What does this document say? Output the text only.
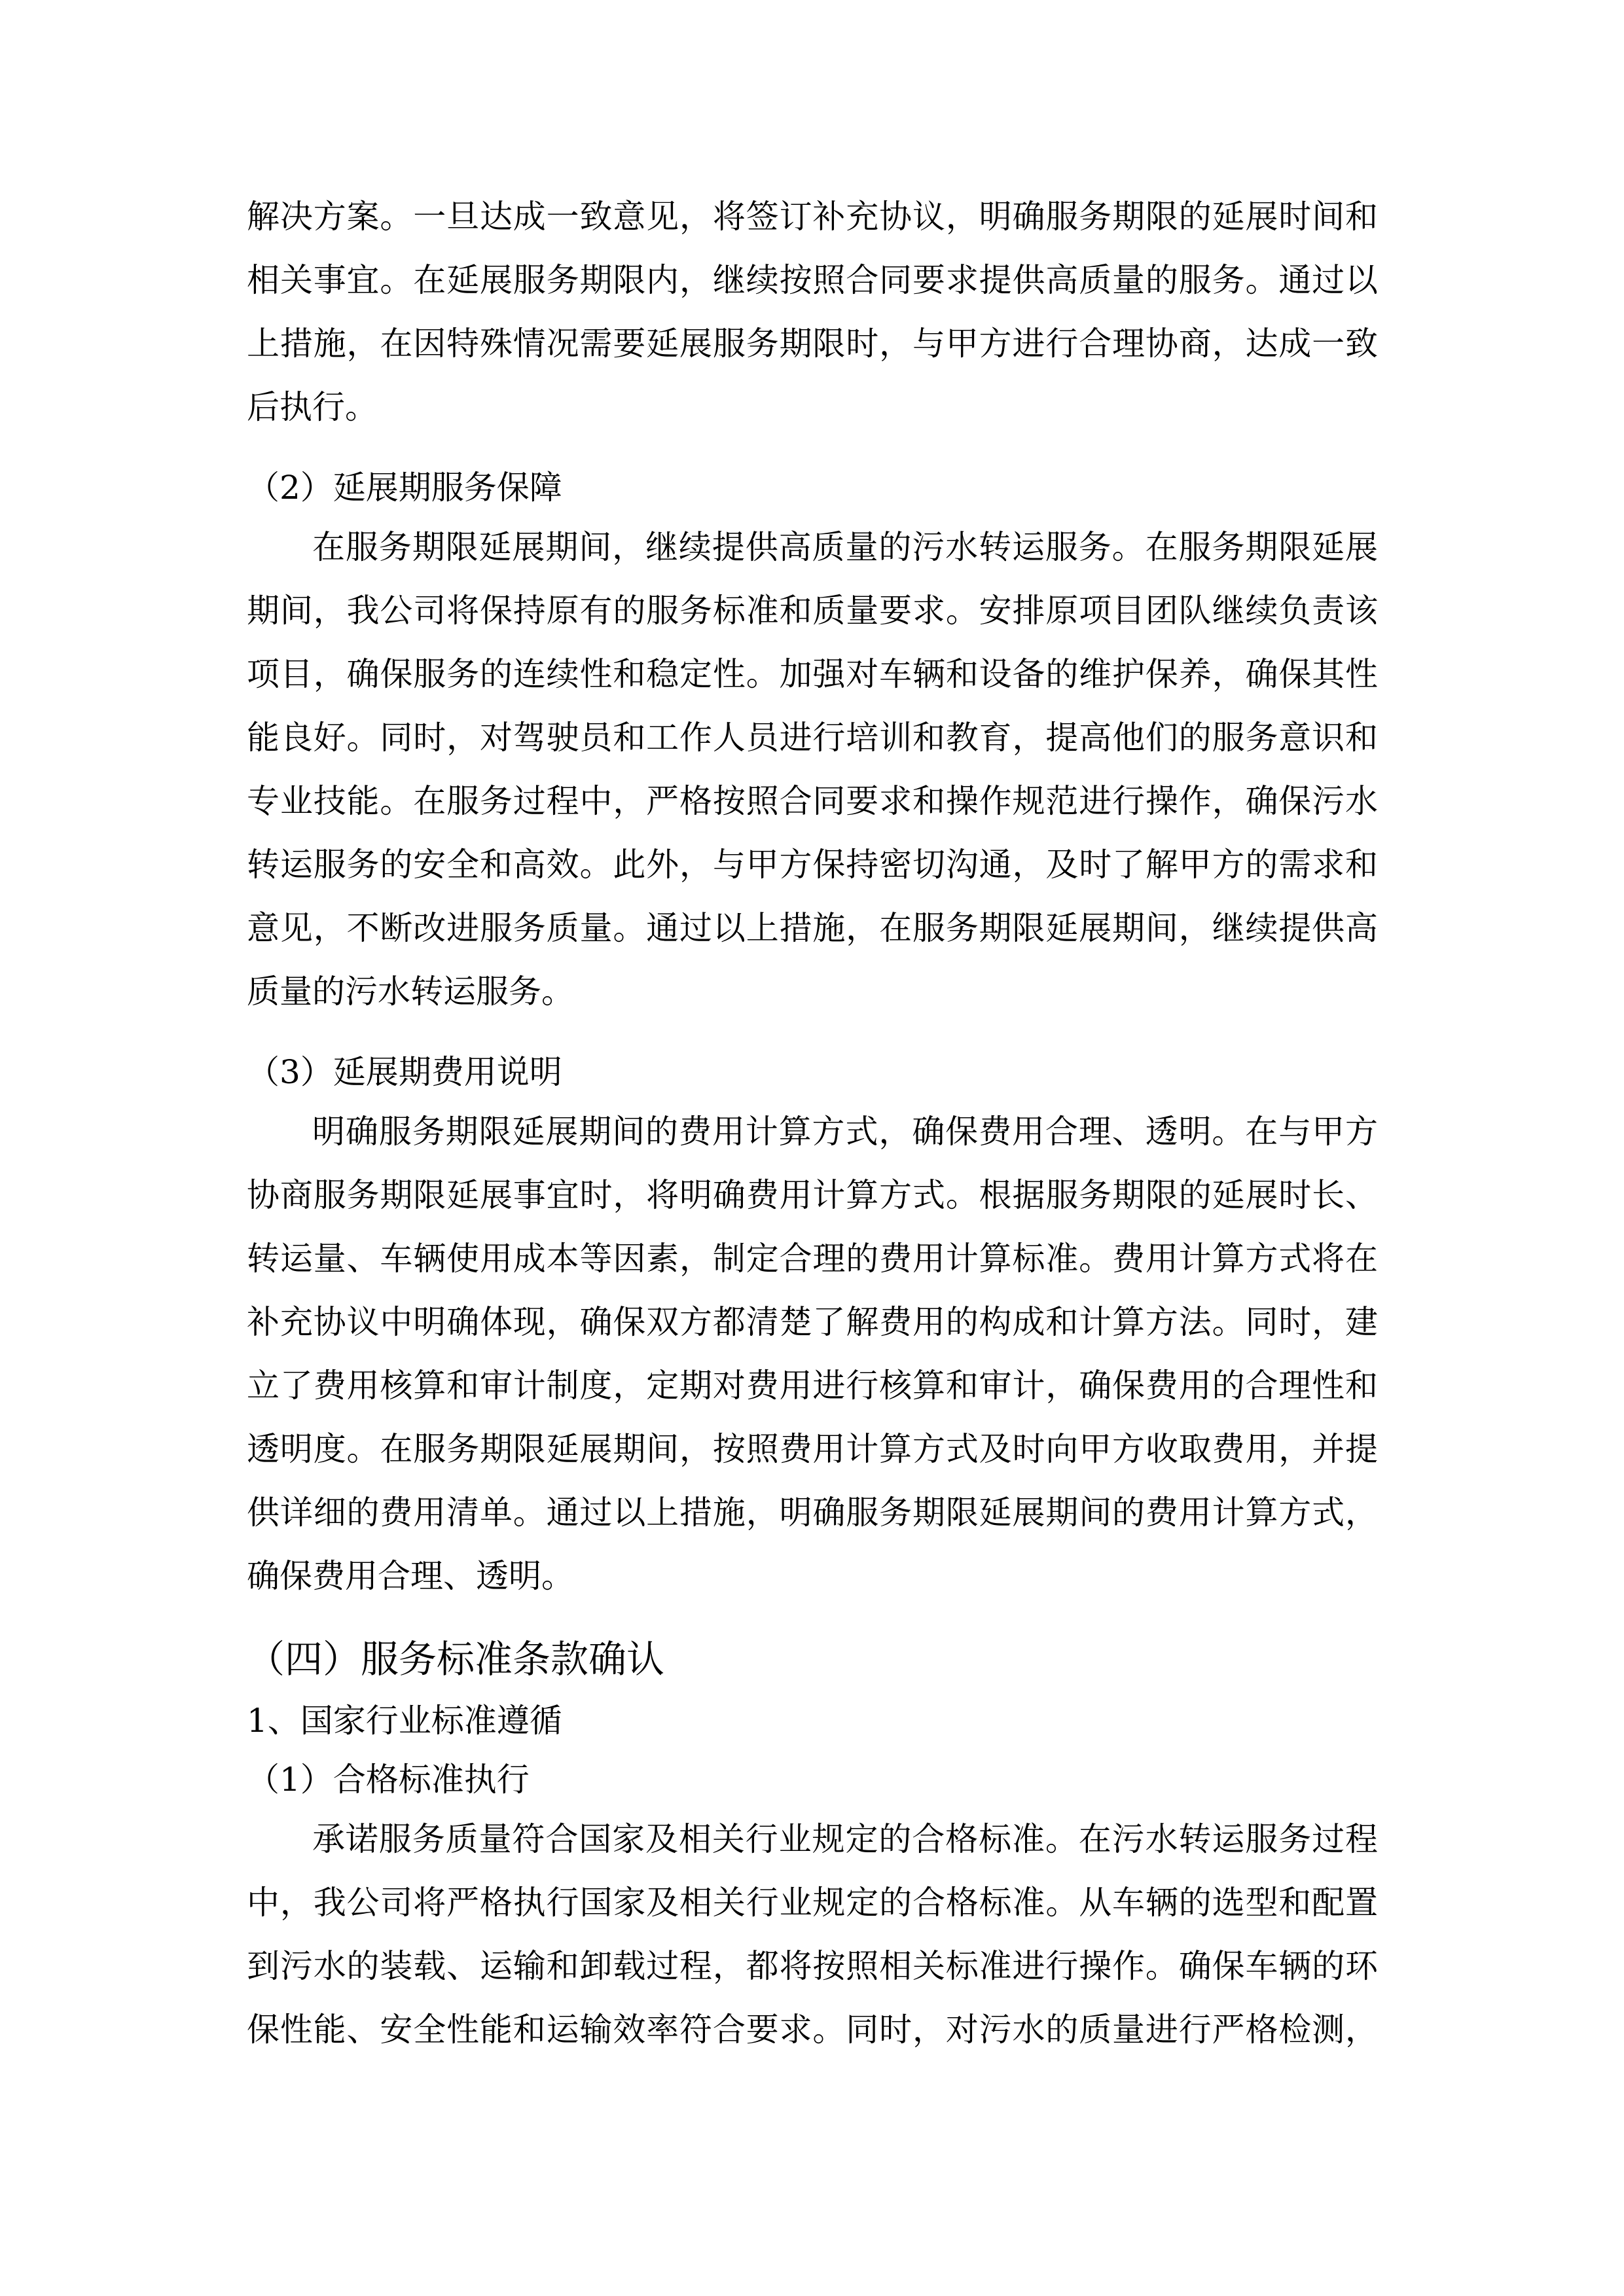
解决方案。一旦达成一致意见，将签订补充协议，明确服务期限的延展时间和
相关事宜。在延展服务期限内，继续按照合同要求提供高质量的服务。通过以
上措施，在因特殊情况需要延展服务期限时，与甲方进行合理协商，达成一致
后执行。
（2）延展期服务保障
在服务期限延展期间，继续提供高质量的污水转运服务。在服务期限延展
期间，我公司将保持原有的服务标准和质量要求。安排原项目团队继续负责该
项目，确保服务的连续性和稳定性。加强对车辆和设备的维护保养，确保其性
能良好。同时，对驾驶员和工作人员进行培训和教育，提高他们的服务意识和
专业技能。在服务过程中，严格按照合同要求和操作规范进行操作，确保污水
转运服务的安全和高效。此外，与甲方保持密切沟通，及时了解甲方的需求和
意见，不断改进服务质量。通过以上措施，在服务期限延展期间，继续提供高
质量的污水转运服务。
（3）延展期费用说明
明确服务期限延展期间的费用计算方式，确保费用合理、透明。在与甲方
协商服务期限延展事宜时，将明确费用计算方式。根据服务期限的延展时长、
转运量、车辆使用成本等因素，制定合理的费用计算标准。费用计算方式将在
补充协议中明确体现，确保双方都清楚了解费用的构成和计算方法。同时，建
立了费用核算和审计制度，定期对费用进行核算和审计，确保费用的合理性和
透明度。在服务期限延展期间，按照费用计算方式及时向甲方收取费用，并提
供详细的费用清单。通过以上措施，明确服务期限延展期间的费用计算方式，
确保费用合理、透明。
（四）服务标准条款确认
1、国家行业标准遵循
（1）合格标准执行
承诺服务质量符合国家及相关行业规定的合格标准。在污水转运服务过程
中，我公司将严格执行国家及相关行业规定的合格标准。从车辆的选型和配置
到污水的装载、运输和卸载过程，都将按照相关标准进行操作。确保车辆的环
保性能、安全性能和运输效率符合要求。同时，对污水的质量进行严格检测，
